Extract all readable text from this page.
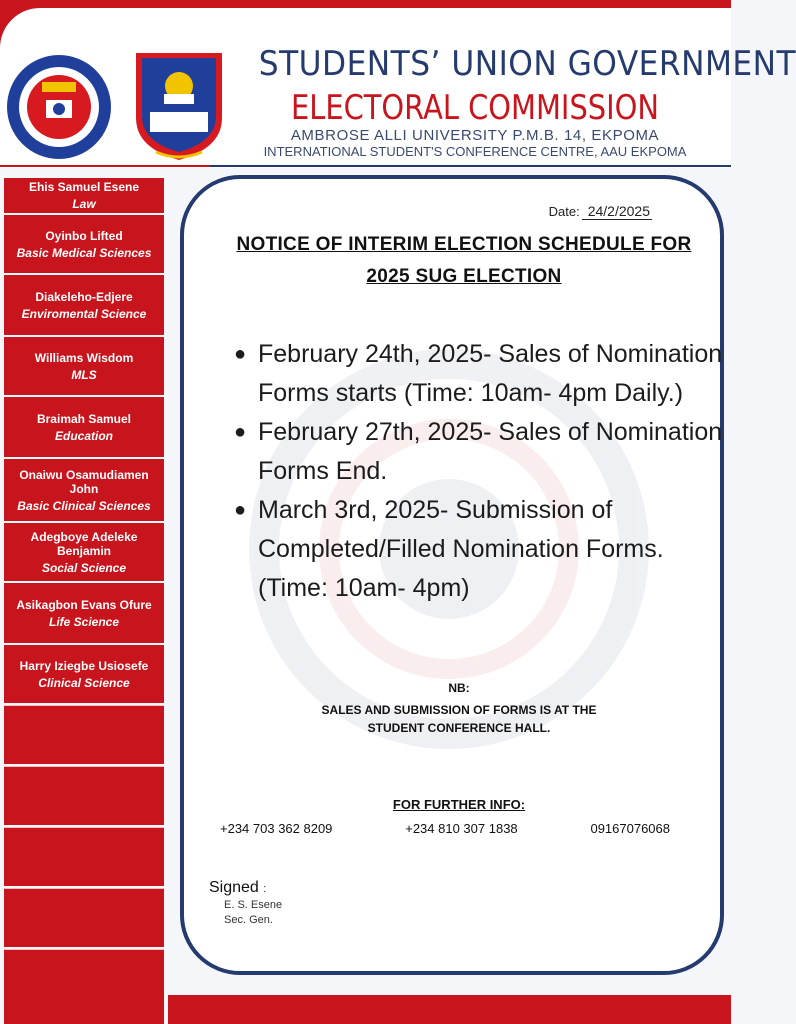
STUDENTS’ UNION GOVERNMENT
ELECTORAL COMMISSION
AMBROSE ALLI UNIVERSITY P.M.B. 14, EKPOMA
INTERNATIONAL STUDENT'S CONFERENCE CENTRE, AAU EKPOMA
Ehis Samuel Esene
Law
Oyinbo Lifted
Basic Medical Sciences
Diakeleho-Edjere
Enviromental Science
Williams Wisdom
MLS
Braimah Samuel
Education
Onaiwu Osamudiamen John
Basic Clinical Sciences
Adegboye Adeleke Benjamin
Social Science
Asikagbon Evans Ofure
Life Science
Harry Iziegbe Usiosefe
Clinical Science
Date: 24/2/2025
NOTICE OF INTERIM ELECTION SCHEDULE FOR 2025 SUG ELECTION
● February 24th, 2025- Sales of Nomination Forms starts (Time: 10am- 4pm Daily.)
● February 27th, 2025- Sales of Nomination Forms End.
● March 3rd, 2025- Submission of Completed/Filled Nomination Forms. (Time: 10am- 4pm)
NB:
SALES AND SUBMISSION OF FORMS IS AT THE STUDENT CONFERENCE HALL.
FOR FURTHER INFO:
+234 703 362 8209	+234 810 307 1838	09167076068
Signed :
E. S. Esene
Sec. Gen.
